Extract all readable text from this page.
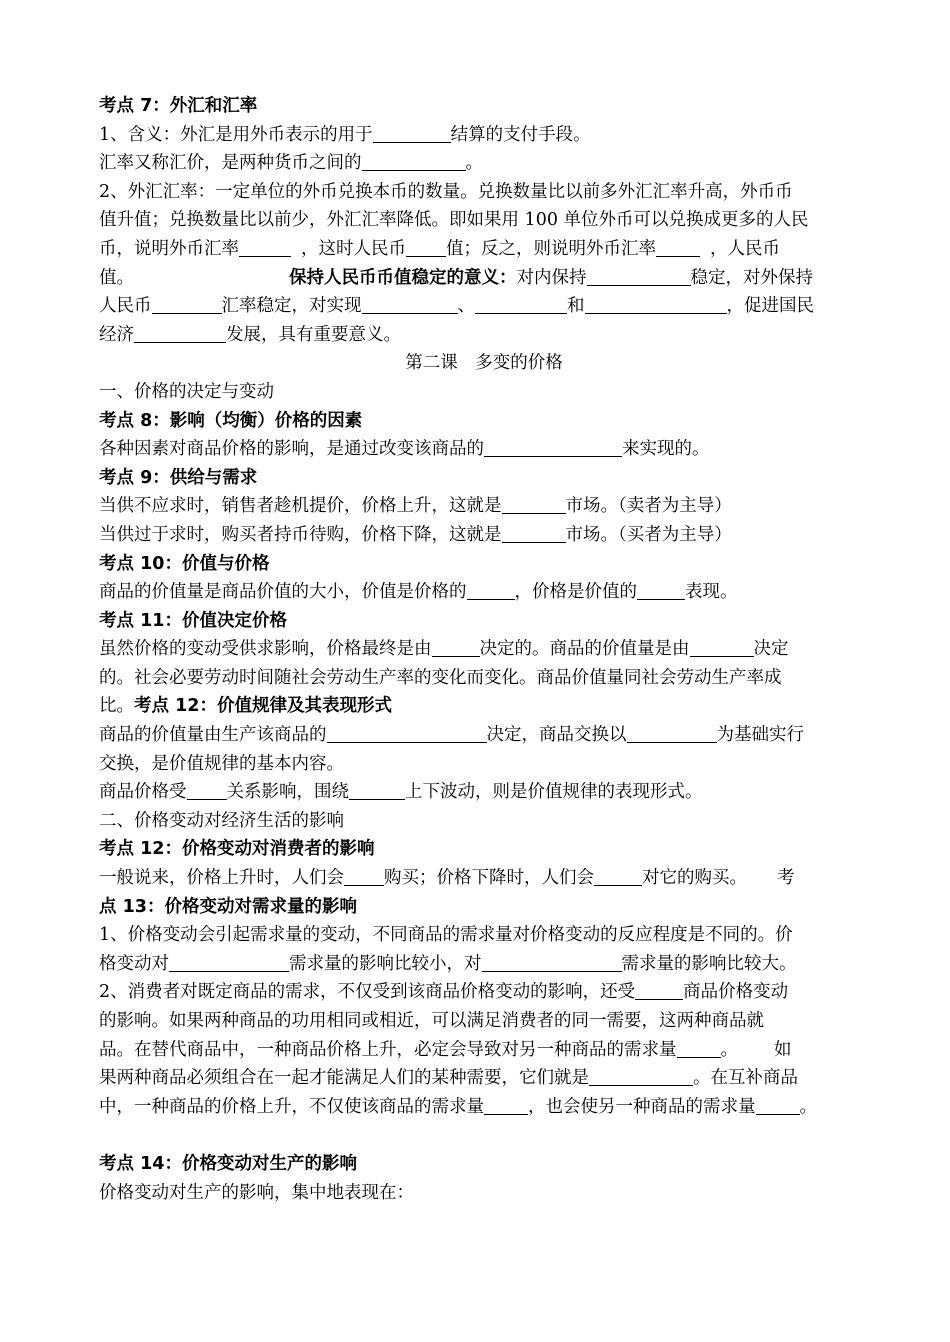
考点 7：外汇和汇率
1、含义：外汇是用外币表示的用于	结算的支付手段。
汇率又称汇价，是两种货币之间的	。
2、外汇汇率：一定单位的外币兑换本币的数量。兑换数量比以前多外汇汇率升高，外币币
值升值；兑换数量比以前少，外汇汇率降低。即如果用 100 单位外币可以兑换成更多的人民
币，说明外币汇率	，这时人民币 值；反之，则说明外币汇率	，人民币
值。	保持人民币币值稳定的意义：对内保持	稳定，对外保持
人民币	汇率稳定，对实现	、	和	，促进国民
经济	发展，具有重要意义。
第二课　多变的价格
一、价格的决定与变动
考点 8：影响（均衡）价格的因素
各种因素对商品价格的影响，是通过改变该商品的	来实现的。
考点 9：供给与需求
当供不应求时，销售者趁机提价，价格上升，这就是	市场。（卖者为主导）
当供过于求时，购买者持币待购，价格下降，这就是	市场。（买者为主导）
考点 10：价值与价格
商品的价值量是商品价值的大小，价值是价格的	，价格是价值的	表现。
考点 11：价值决定价格
虽然价格的变动受供求影响，价格最终是由	决定的。商品的价值量是由	决定
的。社会必要劳动时间随社会劳动生产率的变化而变化。商品价值量同社会劳动生产率成
比。考点 12：价值规律及其表现形式
商品的价值量由生产该商品的	决定，商品交换以	为基础实行
交换，是价值规律的基本内容。
商品价格受 关系影响，围绕	上下波动，则是价值规律的表现形式。
二、价格变动对经济生活的影响
考点 12：价格变动对消费者的影响
一般说来，价格上升时，人们会 购买；价格下降时，人们会	对它的购买。 考
点 13：价格变动对需求量的影响
1、价格变动会引起需求量的变动，不同商品的需求量对价格变动的反应程度是不同的。价
格变动对	需求量的影响比较小，对	需求量的影响比较大。
2、消费者对既定商品的需求，不仅受到该商品价格变动的影响，还受	商品价格变动
的影响。如果两种商品的功用相同或相近，可以满足消费者的同一需要，这两种商品就
品。在替代商品中，一种商品价格上升，必定会导致对另一种商品的需求量	。 如
果两种商品必须组合在一起才能满足人们的某种需要，它们就是	。在互补商品
中，一种商品的价格上升，不仅使该商品的需求量	，也会使另一种商品的需求量	。
考点 14：价格变动对生产的影响
价格变动对生产的影响，集中地表现在：
